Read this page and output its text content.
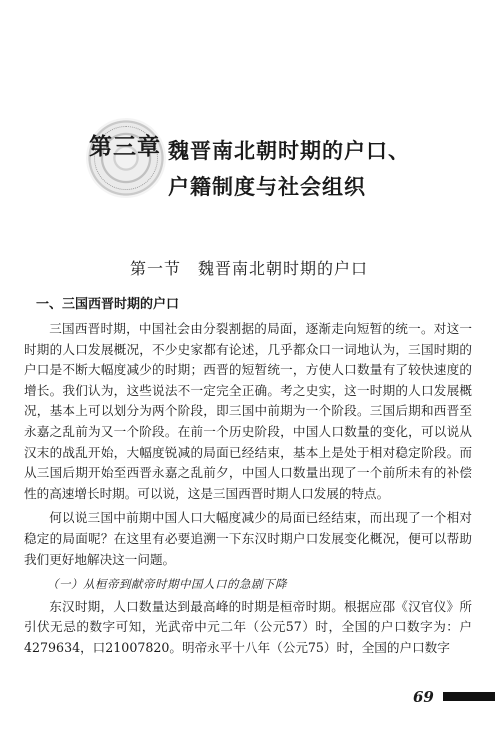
第三章 魏晋南北朝时期的户口、
户籍制度与社会组织
第一节　魏晋南北朝时期的户口
一、三国西晋时期的户口

三国西晋时期，中国社会由分裂割据的局面，逐渐走向短暂的统一。对这一时期的人口发展概况，不少史家都有论述，几乎都众口一词地认为，三国时期的户口是不断大幅度减少的时期；西晋的短暂统一，方使人口数量有了较快速度的增长。我们认为，这些说法不一定完全正确。考之史实，这一时期的人口发展概况，基本上可以划分为两个阶段，即三国中前期为一个阶段。三国后期和西晋至永嘉之乱前为又一个阶段。在前一个历史阶段，中国人口数量的变化，可以说从汉末的战乱开始，大幅度锐减的局面已经结束，基本上是处于相对稳定阶段。而从三国后期开始至西晋永嘉之乱前夕，中国人口数量出现了一个前所未有的补偿性的高速增长时期。可以说，这是三国西晋时期人口发展的特点。

何以说三国中前期中国人口大幅度减少的局面已经结束，而出现了一个相对稳定的局面呢？在这里有必要追溯一下东汉时期户口发展变化概况，便可以帮助我们更好地解决这一问题。

（一）从桓帝到献帝时期中国人口的急剧下降

东汉时期，人口数量达到最高峰的时期是桓帝时期。根据应邵《汉官仪》所引伏无忌的数字可知，光武帝中元二年（公元57）时，全国的户口数字为：户4279634，口21007820。明帝永平十八年（公元75）时，全国的户口数字

69
